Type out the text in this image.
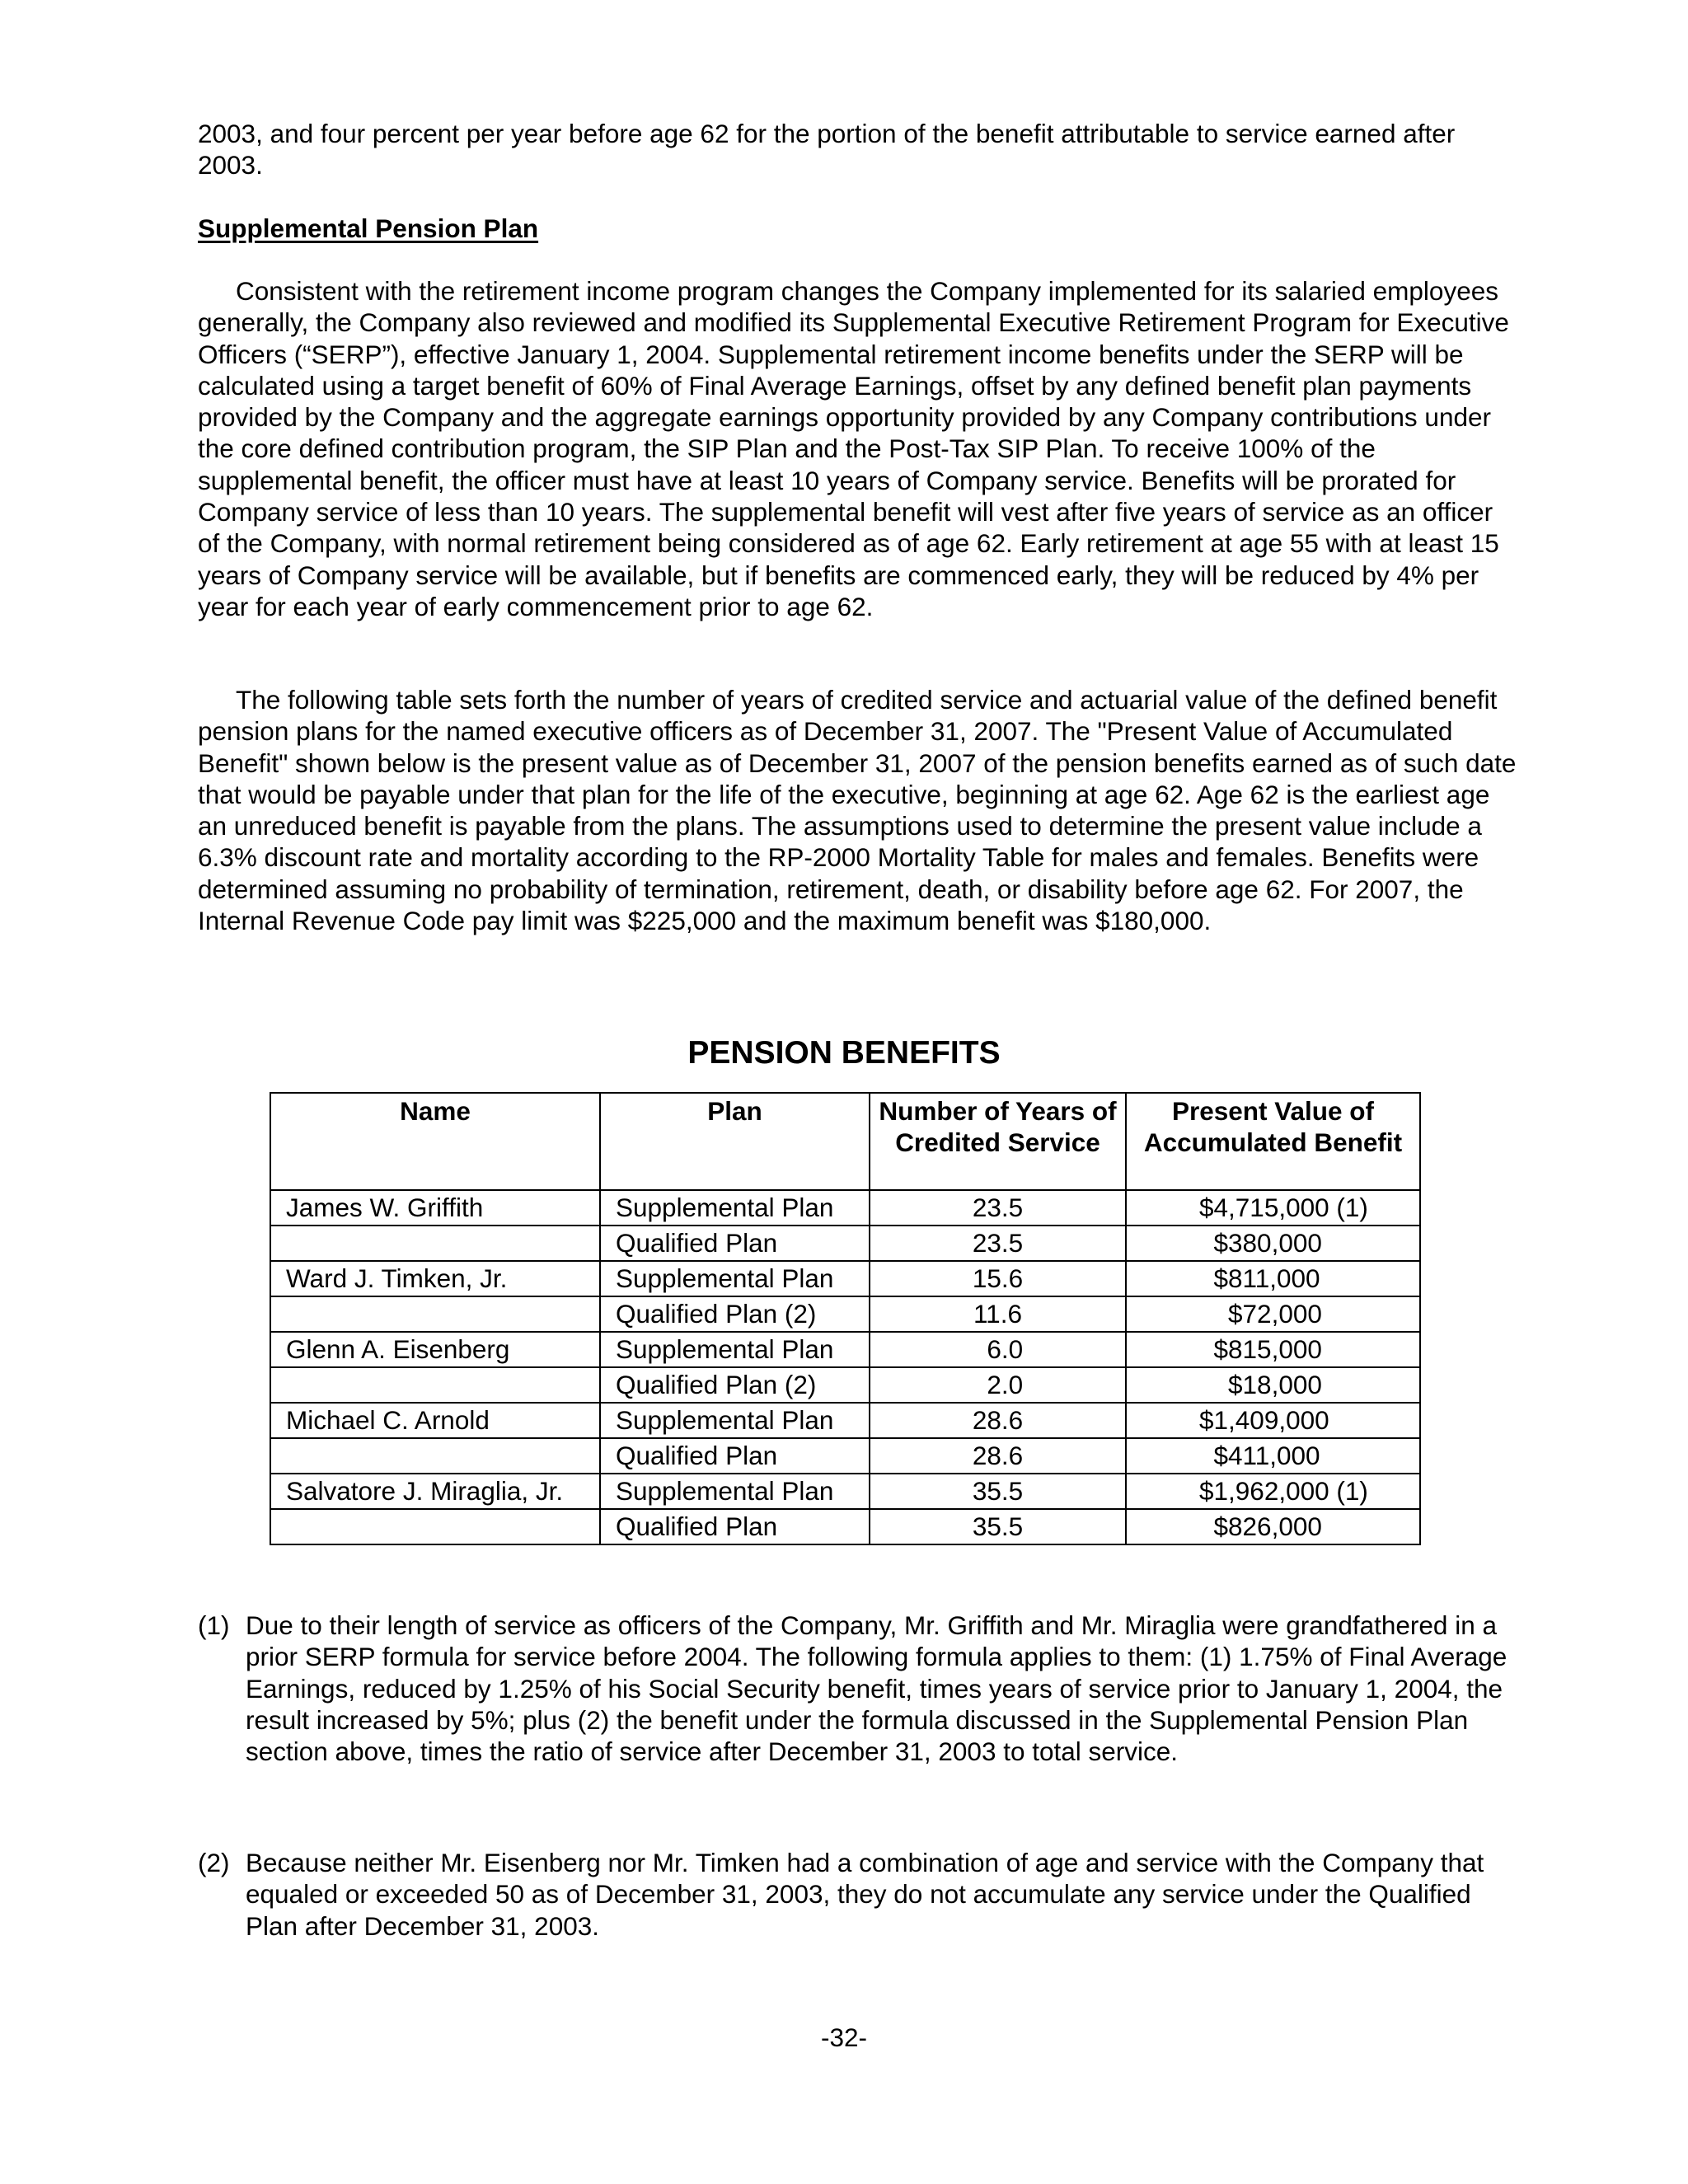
2003, and four percent per year before age 62 for the portion of the benefit attributable to service earned after 2003.

Supplemental Pension Plan

Consistent with the retirement income program changes the Company implemented for its salaried employees generally, the Company also reviewed and modified its Supplemental Executive Retirement Program for Executive Officers (“SERP”), effective January 1, 2004. Supplemental retirement income benefits under the SERP will be calculated using a target benefit of 60% of Final Average Earnings, offset by any defined benefit plan payments provided by the Company and the aggregate earnings opportunity provided by any Company contributions under the core defined contribution program, the SIP Plan and the Post-Tax SIP Plan. To receive 100% of the supplemental benefit, the officer must have at least 10 years of Company service. Benefits will be prorated for Company service of less than 10 years. The supplemental benefit will vest after five years of service as an officer of the Company, with normal retirement being considered as of age 62. Early retirement at age 55 with at least 15 years of Company service will be available, but if benefits are commenced early, they will be reduced by 4% per year for each year of early commencement prior to age 62.

The following table sets forth the number of years of credited service and actuarial value of the defined benefit pension plans for the named executive officers as of December 31, 2007. The "Present Value of Accumulated Benefit" shown below is the present value as of December 31, 2007 of the pension benefits earned as of such date that would be payable under that plan for the life of the executive, beginning at age 62. Age 62 is the earliest age an unreduced benefit is payable from the plans. The assumptions used to determine the present value include a 6.3% discount rate and mortality according to the RP-2000 Mortality Table for males and females. Benefits were determined assuming no probability of termination, retirement, death, or disability before age 62. For 2007, the Internal Revenue Code pay limit was $225,000 and the maximum benefit was $180,000.

PENSION BENEFITS
Name	Plan	Number of Years of Credited Service	Present Value of Accumulated Benefit
James W. Griffith	Supplemental Plan	23.5	$4,715,000 (1)
	Qualified Plan	23.5	$380,000
Ward J. Timken, Jr.	Supplemental Plan	15.6	$811,000
	Qualified Plan (2)	11.6	$72,000
Glenn A. Eisenberg	Supplemental Plan	6.0	$815,000
	Qualified Plan (2)	2.0	$18,000
Michael C. Arnold	Supplemental Plan	28.6	$1,409,000
	Qualified Plan	28.6	$411,000
Salvatore J. Miraglia, Jr.	Supplemental Plan	35.5	$1,962,000 (1)
	Qualified Plan	35.5	$826,000
(1) Due to their length of service as officers of the Company, Mr. Griffith and Mr. Miraglia were grandfathered in a prior SERP formula for service before 2004. The following formula applies to them: (1) 1.75% of Final Average Earnings, reduced by 1.25% of his Social Security benefit, times years of service prior to January 1, 2004, the result increased by 5%; plus (2) the benefit under the formula discussed in the Supplemental Pension Plan section above, times the ratio of service after December 31, 2003 to total service.

(2) Because neither Mr. Eisenberg nor Mr. Timken had a combination of age and service with the Company that equaled or exceeded 50 as of December 31, 2003, they do not accumulate any service under the Qualified Plan after December 31, 2003.

-32-
